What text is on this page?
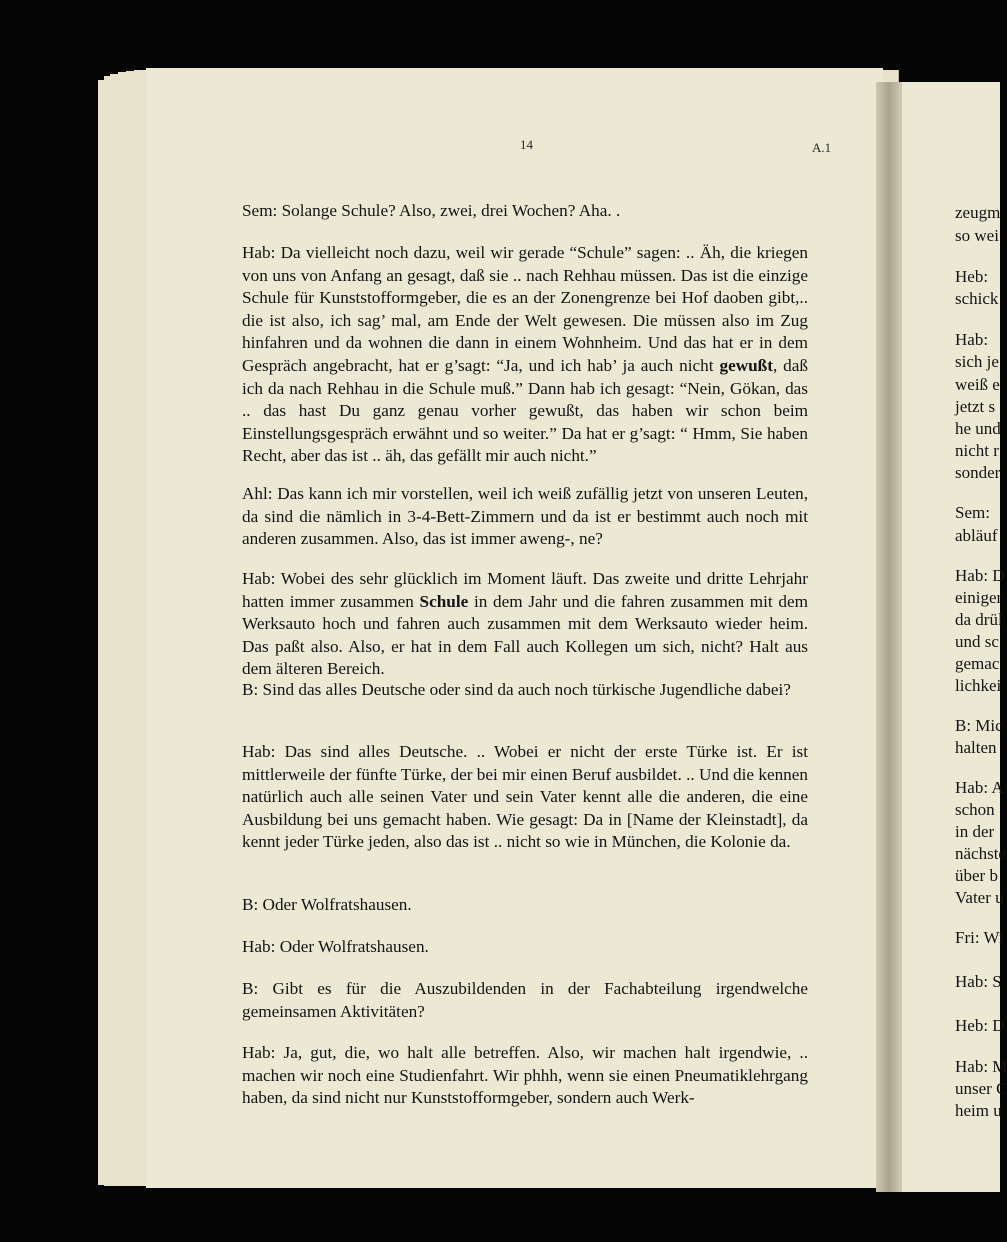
14	A.1

Sem: Solange Schule? Also, zwei, drei Wochen? Aha. .

Hab: Da vielleicht noch dazu, weil wir gerade “Schule” sagen: .. Äh, die kriegen von uns von Anfang an gesagt, daß sie .. nach Rehhau müssen. Das ist die einzige Schule für Kunststofformgeber, die es an der Zonengrenze bei Hof daoben gibt,.. die ist also, ich sag’ mal, am Ende der Welt gewesen. Die müssen also im Zug hinfahren und da wohnen die dann in einem Wohnheim. Und das hat er in dem Gespräch angebracht, hat er g’sagt: “Ja, und ich hab’ ja auch nicht gewußt, daß ich da nach Rehhau in die Schule muß.” Dann hab ich gesagt: “Nein, Gökan, das .. das hast Du ganz genau vorher gewußt, das haben wir schon beim Einstellungsgespräch erwähnt und so weiter.” Da hat er g’sagt: “ Hmm, Sie haben Recht, aber das ist .. äh, das gefällt mir auch nicht.”

Ahl: Das kann ich mir vorstellen, weil ich weiß zufällig jetzt von unseren Leuten, da sind die nämlich in 3-4-Bett-Zimmern und da ist er bestimmt auch noch mit anderen zusammen. Also, das ist immer aweng-, ne?

Hab: Wobei des sehr glücklich im Moment läuft. Das zweite und dritte Lehrjahr hatten immer zusammen Schule in dem Jahr und die fahren zusammen mit dem Werksauto hoch und fahren auch zusammen mit dem Werksauto wieder heim. Das paßt also. Also, er hat in dem Fall auch Kollegen um sich, nicht? Halt aus dem älteren Bereich.

B: Sind das alles Deutsche oder sind da auch noch türkische Jugendliche dabei?

Hab: Das sind alles Deutsche. .. Wobei er nicht der erste Türke ist. Er ist mittlerweile der fünfte Türke, der bei mir einen Beruf ausbildet. .. Und die kennen natürlich auch alle seinen Vater und sein Vater kennt alle die anderen, die eine Ausbildung bei uns gemacht haben. Wie gesagt: Da in [Name der Kleinstadt], da kennt jeder Türke jeden, also das ist .. nicht so wie in München, die Kolonie da.

B: Oder Wolfratshausen.

Hab: Oder Wolfratshausen.

B: Gibt es für die Auszubildenden in der Fachabteilung irgendwelche gemeinsamen Aktivitäten?

Hab: Ja, gut, die, wo halt alle betreffen. Also, wir machen halt irgendwie, .. machen wir noch eine Studienfahrt. Wir phhh, wenn sie einen Pneumatiklehrgang haben, da sind nicht nur Kunststofformgeber, sondern auch Werk-

zeugm
so wei
Heb:
schick
Hab:
sich je
weiß e
jetzt s
he und
nicht r
sonder
Sem:
abläuf
Hab: D
einiger
da drül
und sc
gemac
lichkei
B: Mic
halten
Hab: A
schon
in der
nächste
über b
Vater u
Fri: Wi
Hab: S
Heb: D
Hab: M
unser C
heim u
